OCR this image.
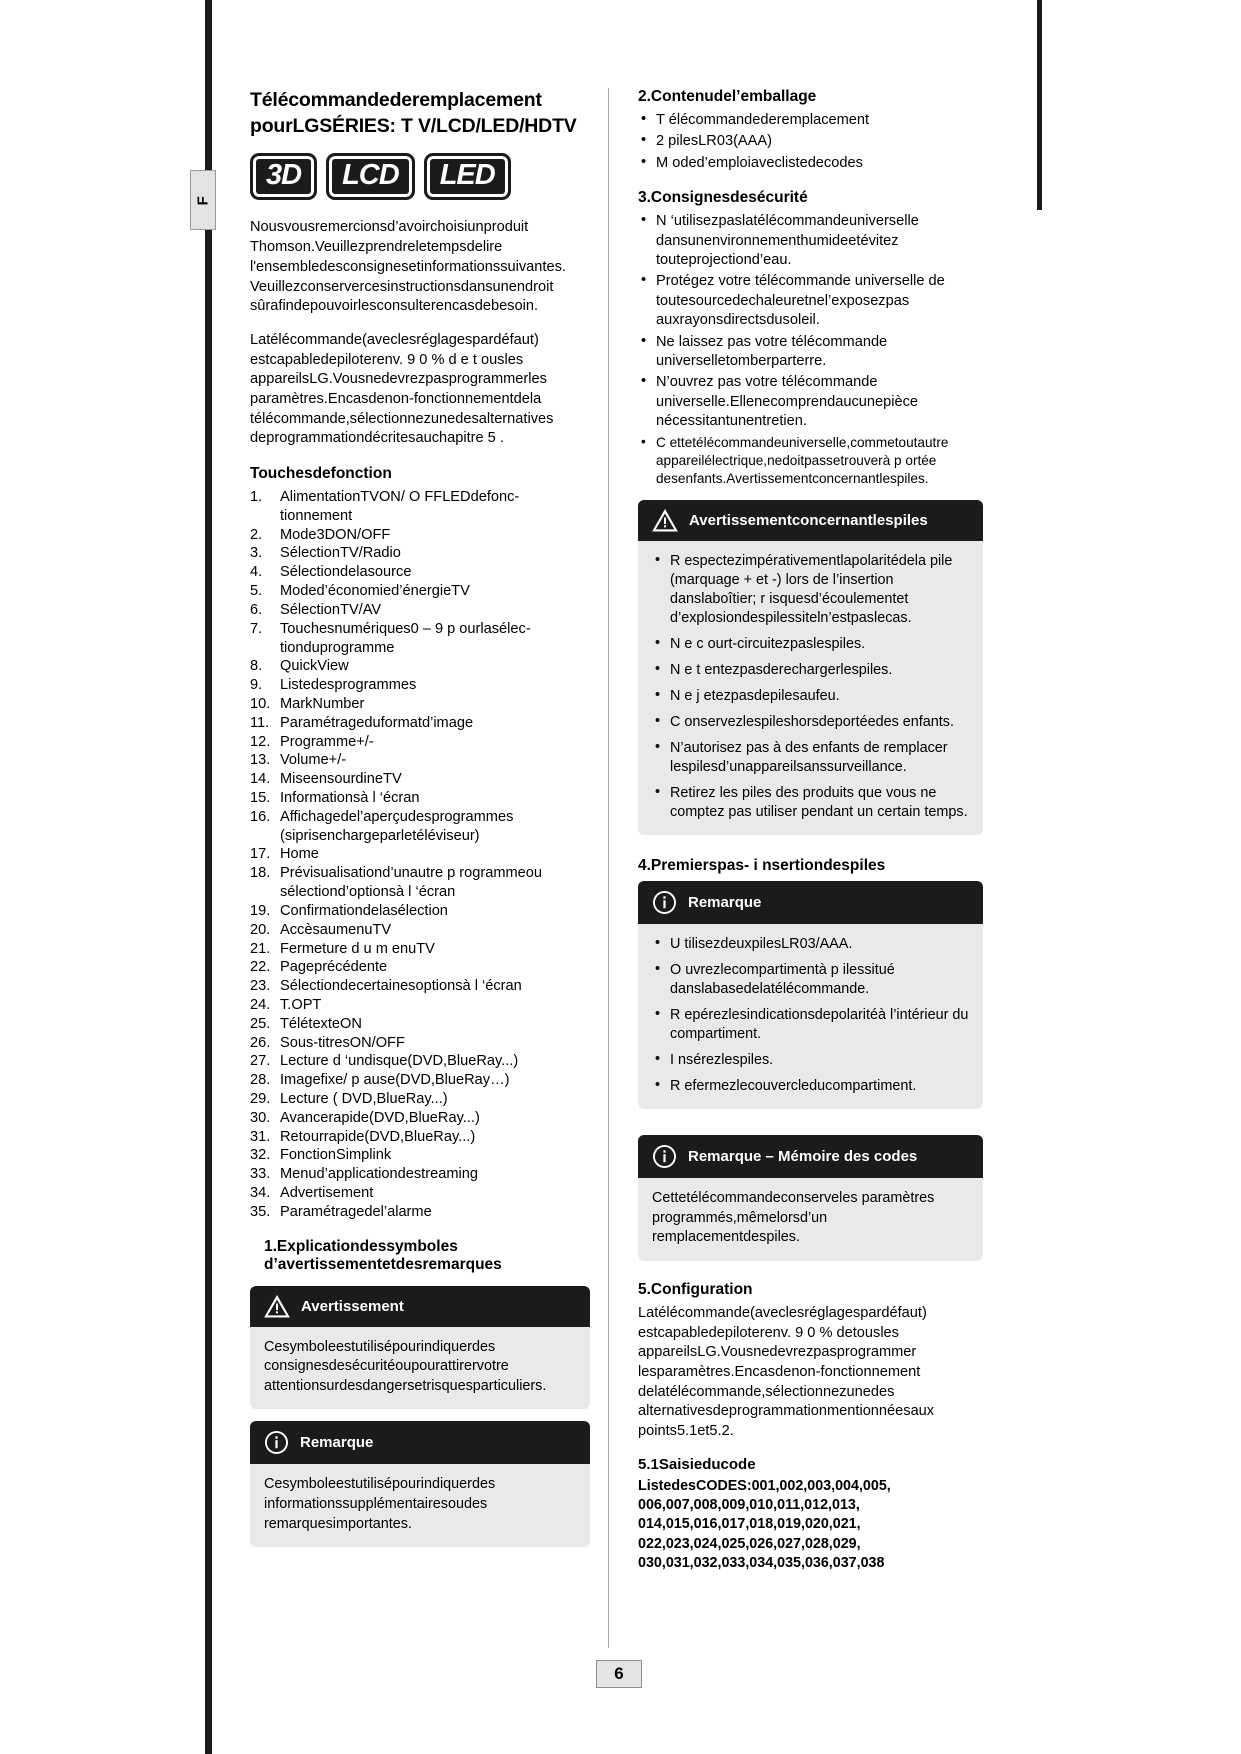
F
Télécommandederemplacement pourLGSÉRIES: T V/LCD/LED/HDTV
3D	LCD	LED

Nousvousremercionsd’avoirchoisiunproduit Thomson.Veuillezprendreletempsdelire l'ensembledesconsignesetinformationssuivantes. Veuillezconservercesinstructionsdansunendroit sûrafindepouvoirlesconsulterencasdebesoin.

Latélécommande(aveclesréglagespardéfaut) estcapabledepiloterenv. 9 0 % d e t ousles appareilsLG.Vousnedevrezpasprogrammerles paramètres.Encasdenon-fonctionnementdela télécommande,sélectionnezunedesalternatives deprogrammationdécritesauchapitre 5 .

Touchesdefonction
1.	AlimentationTVON/ O FFLEDdefonc-tionnement
2.	Mode3DON/OFF
3.	SélectionTV/Radio
4.	Sélectiondelasource
5.	Moded’économied’énergieTV
6.	SélectionTV/AV
7.	Touchesnumériques0 – 9 p ourlasélec-tionduprogramme
8.	QuickView
9.	Listedesprogrammes
10. MarkNumber
11. Paramétrageduformatd’image
12. Programme+/-
13. Volume+/-
14. MiseensourdineTV
15. Informationsà l ‘écran
16. Affichagedel’aperçudesprogrammes (siprisenchargeparletéléviseur)
17. Home
18. Prévisualisationd’unautre p rogrammeou sélectiond’optionsà l ‘écran
19. Confirmationdelasélection
20. AccèsaumenuTV
21. Fermeture d u m enuTV
22. Pageprécédente
23. Sélectiondecertainesoptionsà l ‘écran
24. T.OPT
25. TélétexteON
26. Sous-titresON/OFF
27. Lecture d ‘undisque(DVD,BlueRay...)
28. Imagefixe/ p ause(DVD,BlueRay…)
29. Lecture ( DVD,BlueRay...)
30. Avancerapide(DVD,BlueRay...)
31. Retourrapide(DVD,BlueRay...)
32. FonctionSimplink
33. Menud’applicationdestreaming
34. Advertisement
35. Paramétragedel’alarme
1.Explicationdessymboles d’avertissementetdesremarques
Avertissement
Cesymboleestutilisépourindiquerdes consignesdesécuritéoupourattirervotre attentionsurdesdangersetrisquesparticuliers.
Remarque
Cesymboleestutilisépourindiquerdes informationssupplémentairesoudes remarquesimportantes.
2.Contenudel’emballage
• T élécommandederemplacement
• 2 pilesLR03(AAA)
• M oded’emploiaveclistedecodes
3.Consignesdesécurité
• N ‘utilisezpaslatélécommandeuniverselle dansunenvironnementhumideetévitez touteprojectiond’eau.
• Protégez votre télécommande universelle de toutesourcedechaleuretnel’exposezpas auxrayonsdirectsdusoleil.
• Ne laissez pas votre télécommande universelletomberparterre.
• N’ouvrez pas votre télécommande universelle.Ellenecomprendaucunepièce nécessitantunentretien.
• C ettetélécommandeuniverselle,commetoutautre appareilélectrique,nedoitpassetrouverà p ortée desenfants.Avertissementconcernantlespiles.
Avertissementconcernantlespiles
• R espectezimpérativementlapolaritédela pile (marquage + et -) lors de l’insertion danslaboîtier; r isquesd’écoulementet d’explosiondespilessiteln’estpaslecas.
• N e c ourt-circuitezpaslespiles.
• N e t entezpasderechargerlespiles.
• N e j etezpasdepilesaufeu.
• C onservezlespileshorsdeportéedes enfants.
• N’autorisez pas à des enfants de remplacer lespilesd’unappareilsanssurveillance.
• Retirez les piles des produits que vous ne comptez pas utiliser pendant un certain temps.
4.Premierspas- i nsertiondespiles
Remarque
• U tilisezdeuxpilesLR03/AAA.
• O uvrezlecompartimentà p ilessitué danslabasedelatélécommande.
• R epérezlesindicationsdepolaritéà l’intérieur du compartiment.
• I nsérezlespiles.
• R efermezlecouvercleducompartiment.
Remarque – Mémoire des codes
Cettetélécommandeconserveles paramètres programmés,mêmelorsd’un remplacementdespiles.
5.Configuration

Latélécommande(aveclesréglagespardéfaut) estcapabledepiloterenv. 9 0 % detousles appareilsLG.Vousnedevrezpasprogrammer lesparamètres.Encasdenon-fonctionnement delatélécommande,sélectionnezunedes alternativesdeprogrammationmentionnéesaux points5.1et5.2.

5.1Saisieducode

ListedesCODES:001,002,003,004,005, 006,007,008,009,010,011,012,013, 014,015,016,017,018,019,020,021, 022,023,024,025,026,027,028,029, 030,031,032,033,034,035,036,037,038

6
